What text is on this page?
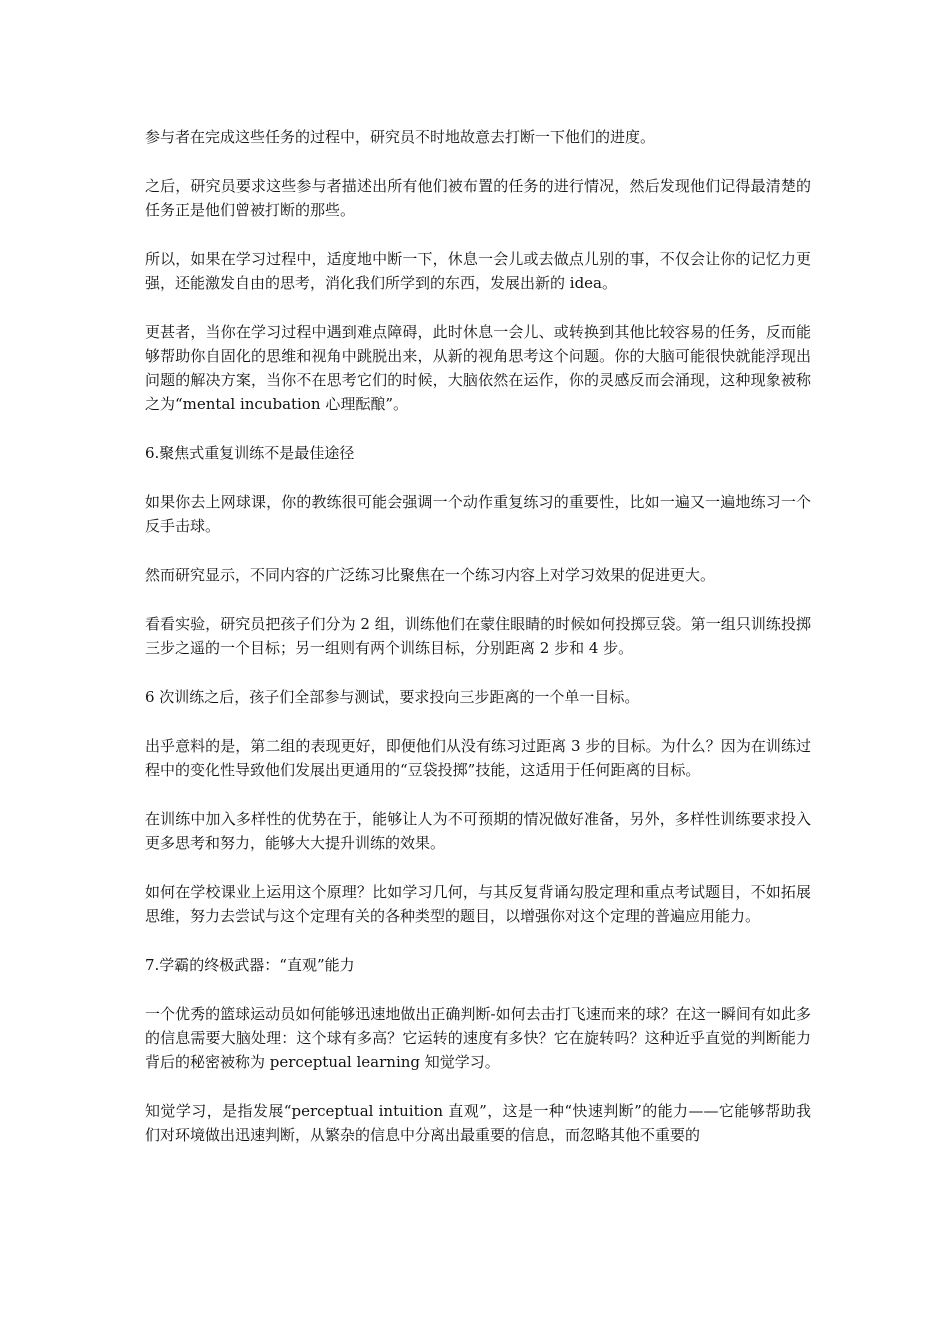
参与者在完成这些任务的过程中，研究员不时地故意去打断一下他们的进度。

之后，研究员要求这些参与者描述出所有他们被布置的任务的进行情况，然后发现他们记得最清楚的任务正是他们曾被打断的那些。

所以，如果在学习过程中，适度地中断一下，休息一会儿或去做点儿别的事，不仅会让你的记忆力更强，还能激发自由的思考，消化我们所学到的东西，发展出新的 idea。

更甚者，当你在学习过程中遇到难点障碍，此时休息一会儿、或转换到其他比较容易的任务，反而能够帮助你自固化的思维和视角中跳脱出来，从新的视角思考这个问题。你的大脑可能很快就能浮现出问题的解决方案，当你不在思考它们的时候，大脑依然在运作，你的灵感反而会涌现，这种现象被称之为“mental incubation 心理酝酿”。

6.聚焦式重复训练不是最佳途径

如果你去上网球课，你的教练很可能会强调一个动作重复练习的重要性，比如一遍又一遍地练习一个反手击球。

然而研究显示，不同内容的广泛练习比聚焦在一个练习内容上对学习效果的促进更大。

看看实验，研究员把孩子们分为 2 组，训练他们在蒙住眼睛的时候如何投掷豆袋。第一组只训练投掷三步之遥的一个目标；另一组则有两个训练目标，分别距离 2 步和 4 步。

6 次训练之后，孩子们全部参与测试，要求投向三步距离的一个单一目标。

出乎意料的是，第二组的表现更好，即便他们从没有练习过距离 3 步的目标。为什么？因为在训练过程中的变化性导致他们发展出更通用的“豆袋投掷”技能，这适用于任何距离的目标。

在训练中加入多样性的优势在于，能够让人为不可预期的情况做好准备，另外，多样性训练要求投入更多思考和努力，能够大大提升训练的效果。

如何在学校课业上运用这个原理？比如学习几何，与其反复背诵勾股定理和重点考试题目，不如拓展思维，努力去尝试与这个定理有关的各种类型的题目，以增强你对这个定理的普遍应用能力。

7.学霸的终极武器：“直观”能力

一个优秀的篮球运动员如何能够迅速地做出正确判断-如何去击打飞速而来的球？在这一瞬间有如此多的信息需要大脑处理：这个球有多高？它运转的速度有多快？它在旋转吗？这种近乎直觉的判断能力背后的秘密被称为 perceptual learning 知觉学习。

知觉学习，是指发展“perceptual intuition 直观”，这是一种“快速判断”的能力——它能够帮助我们对环境做出迅速判断，从繁杂的信息中分离出最重要的信息，而忽略其他不重要的
